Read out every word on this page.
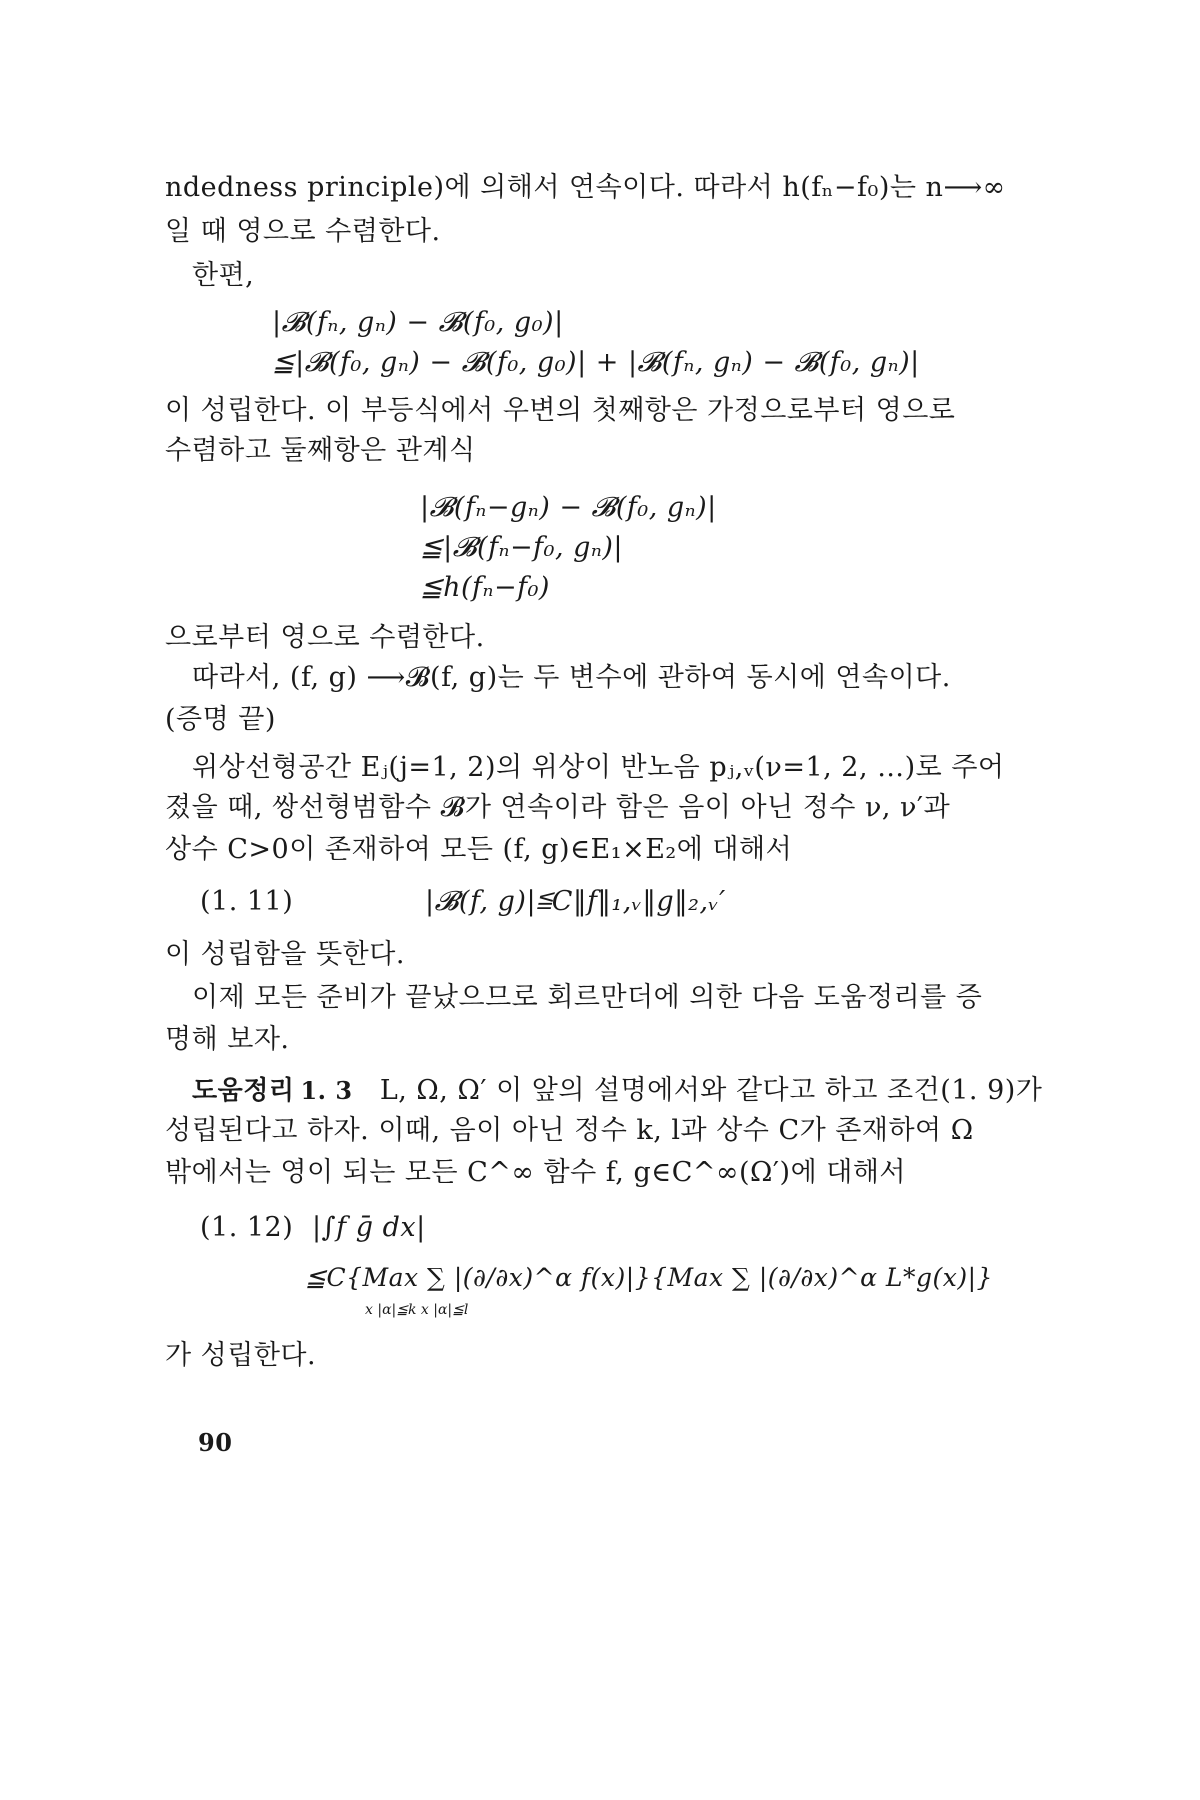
ndedness principle)에 의해서 연속이다. 따라서 h(fₙ−f₀)는 n⟶∞
일 때 영으로 수렴한다.
한편,
|𝓑(fₙ, gₙ) − 𝓑(f₀, g₀)|
≦|𝓑(f₀, gₙ) − 𝓑(f₀, g₀)| + |𝓑(fₙ, gₙ) − 𝓑(f₀, gₙ)|
이 성립한다. 이 부등식에서 우변의 첫째항은 가정으로부터 영으로
수렴하고 둘째항은 관계식
|𝓑(fₙ−gₙ) − 𝓑(f₀, gₙ)|
≦|𝓑(fₙ−f₀, gₙ)|
≦h(fₙ−f₀)
으로부터 영으로 수렴한다.
따라서, (f, g) ⟶𝓑(f, g)는 두 변수에 관하여 동시에 연속이다.
(증명 끝)
위상선형공간 Eⱼ(j=1, 2)의 위상이 반노음 pⱼ,ᵥ(ν=1, 2, …)로 주어
졌을 때, 쌍선형범함수 𝓑가 연속이라 함은 음이 아닌 정수 ν, ν′과
상수 C>0이 존재하여 모든 (f, g)∈E₁×E₂에 대해서
(1. 11)	|𝓑(f, g)|≦C‖f‖₁,ᵥ‖g‖₂,ᵥ′
이 성립함을 뜻한다.
이제 모든 준비가 끝났으므로 회르만더에 의한 다음 도움정리를 증
명해 보자.
도움정리 1. 3 L, Ω, Ω′ 이 앞의 설명에서와 같다고 하고 조건(1. 9)가
성립된다고 하자. 이때, 음이 아닌 정수 k, l과 상수 C가 존재하여 Ω
밖에서는 영이 되는 모든 C^∞ 함수 f, g∈C^∞(Ω′)에 대해서
(1. 12) |∫f ḡ dx|
≦C{Max ∑ |(∂/∂x)^α f(x)|}{Max ∑ |(∂/∂x)^α L*g(x)|}
x |α|≦k x |α|≦l
가 성립한다.
90
